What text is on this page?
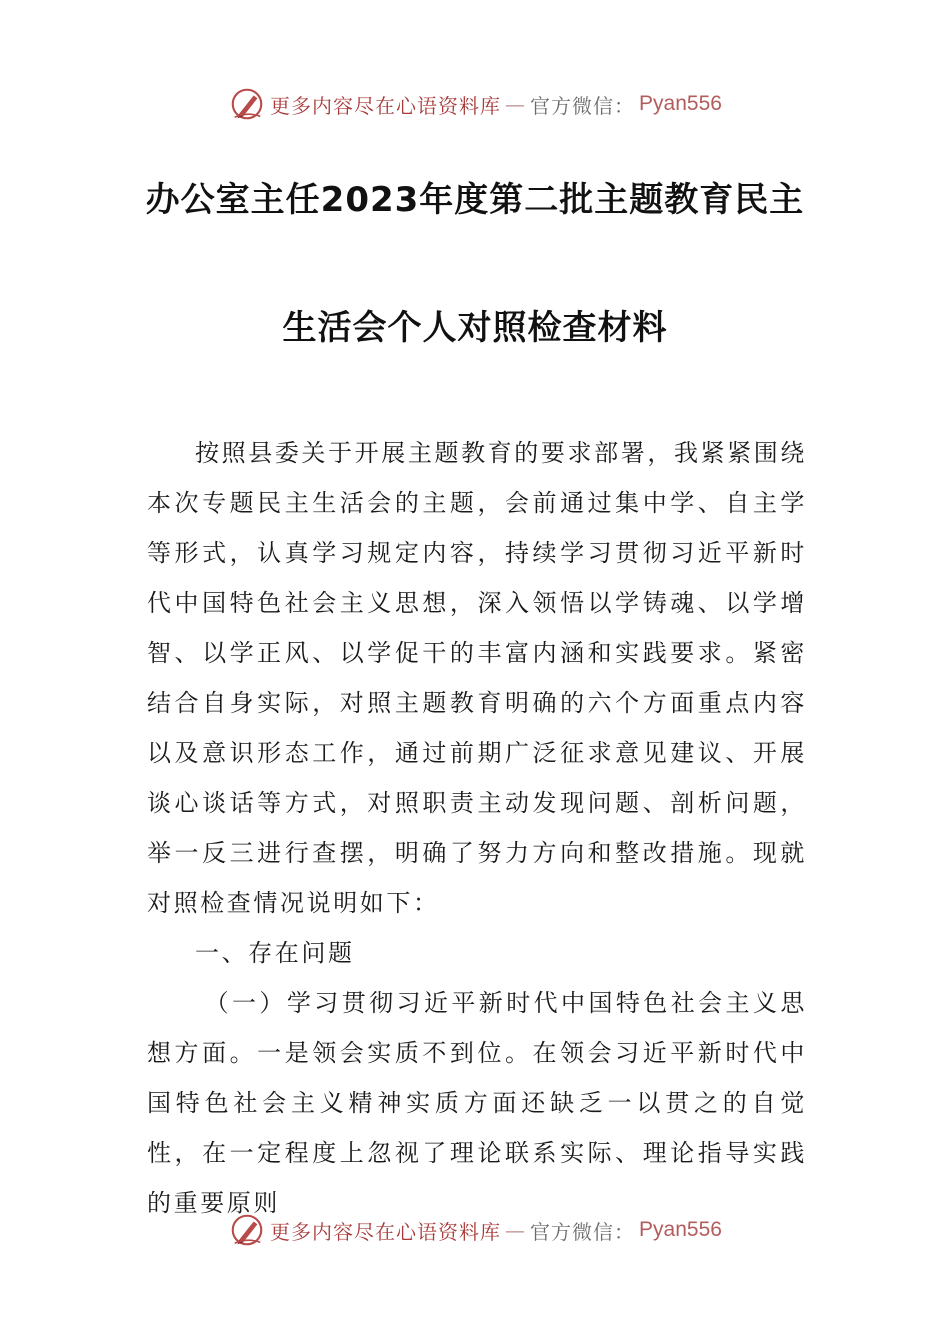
更多内容尽在心语资料库 — 官方微信： Pyan556
办公室主任2023年度第二批主题教育民主
生活会个人对照检查材料

按照县委关于开展主题教育的要求部署，我紧紧围绕本次专题民主生活会的主题，会前通过集中学、自主学等形式，认真学习规定内容，持续学习贯彻习近平新时代中国特色社会主义思想，深入领悟以学铸魂、以学增智、以学正风、以学促干的丰富内涵和实践要求。紧密结合自身实际，对照主题教育明确的六个方面重点内容以及意识形态工作，通过前期广泛征求意见建议、开展谈心谈话等方式，对照职责主动发现问题、剖析问题，举一反三进行查摆，明确了努力方向和整改措施。现就对照检查情况说明如下：

一、存在问题

（一）学习贯彻习近平新时代中国特色社会主义思想方面。一是领会实质不到位。在领会习近平新时代中国特色社会主义精神实质方面还缺乏一以贯之的自觉性，在一定程度上忽视了理论联系实际、理论指导实践的重要原则

更多内容尽在心语资料库 — 官方微信： Pyan556
